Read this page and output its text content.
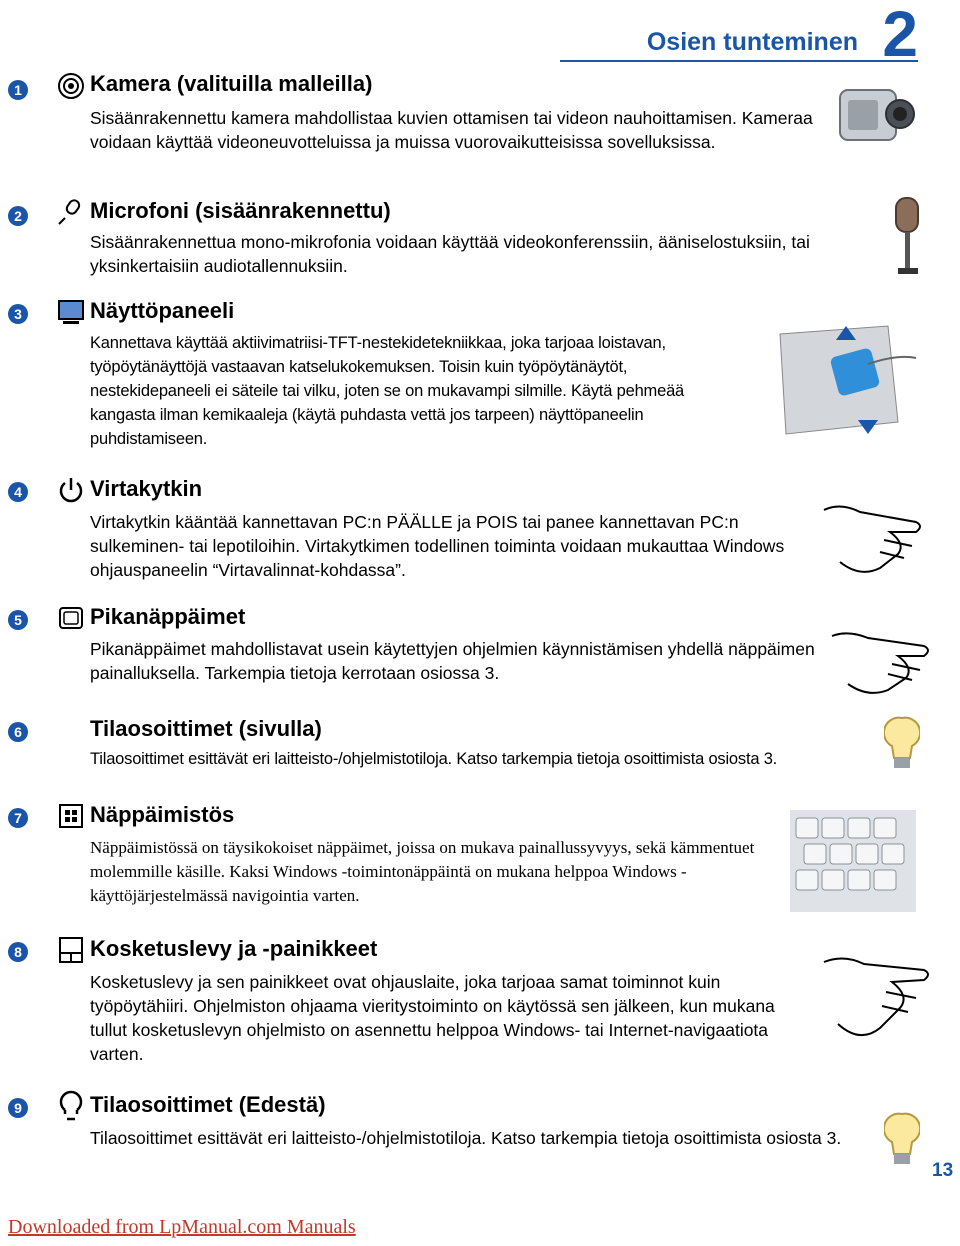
Osien tunteminen 2
1	Kamera (valituilla malleilla)
Sisäänrakennettu kamera mahdollistaa kuvien ottamisen tai videon nauhoittamisen. Kameraa voidaan käyttää videoneuvotteluissa ja muissa vuorovaikutteisissa sovelluksissa.
2	Microfoni (sisäänrakennettu)
Sisäänrakennettua mono-mikrofonia voidaan käyttää videokonferenssiin, ääniselostuksiin, tai yksinkertaisiin audiotallennuksiin.
3	Näyttöpaneeli
Kannettava käyttää aktiivimatriisi-TFT-nestekidetekniikkaa, joka tarjoaa loistavan, työpöytänäyttöjä vastaavan katselukokemuksen. Toisin kuin työpöytänäytöt, nestekidepaneeli ei säteile tai vilku, joten se on mukavampi silmille. Käytä pehmeää kangasta ilman kemikaaleja (käytä puhdasta vettä jos tarpeen) näyttöpaneelin puhdistamiseen.
4	Virtakytkin
Virtakytkin kääntää kannettavan PC:n PÄÄLLE ja POIS tai panee kannettavan PC:n sulkeminen- tai lepotiloihin. Virtakytkimen todellinen toiminta voidaan mukauttaa Windows ohjauspaneelin “Virtavalinnat-kohdassa”.
5	Pikanäppäimet
Pikanäppäimet mahdollistavat usein käytettyjen ohjelmien käynnistämisen yhdellä näppäimen painalluksella. Tarkempia tietoja kerrotaan osiossa 3.
6	Tilaosoittimet (sivulla)
Tilaosoittimet esittävät eri laitteisto-/ohjelmistotiloja. Katso tarkempia tietoja osoittimista osiosta 3.
7	Näppäimistös
Näppäimistössä on täysikokoiset näppäimet, joissa on mukava painallussyvyys, sekä kämmentuet molemmille käsille. Kaksi Windows -toimintonäppäintä on mukana helppoa Windows -käyttöjärjestelmässä navigointia varten.
8	Kosketuslevy ja -painikkeet
Kosketuslevy ja sen painikkeet ovat ohjauslaite, joka tarjoaa samat toiminnot kuin työpöytähiiri. Ohjelmiston ohjaama vieritystoiminto on käytössä sen jälkeen, kun mukana tullut kosketuslevyn ohjelmisto on asennettu helppoa Windows- tai Internet-navigaatiota varten.
9	Tilaosoittimet (Edestä)
Tilaosoittimet esittävät eri laitteisto-/ohjelmistotiloja. Katso tarkempia tietoja osoittimista osiosta 3.
13
Downloaded from LpManual.com Manuals
